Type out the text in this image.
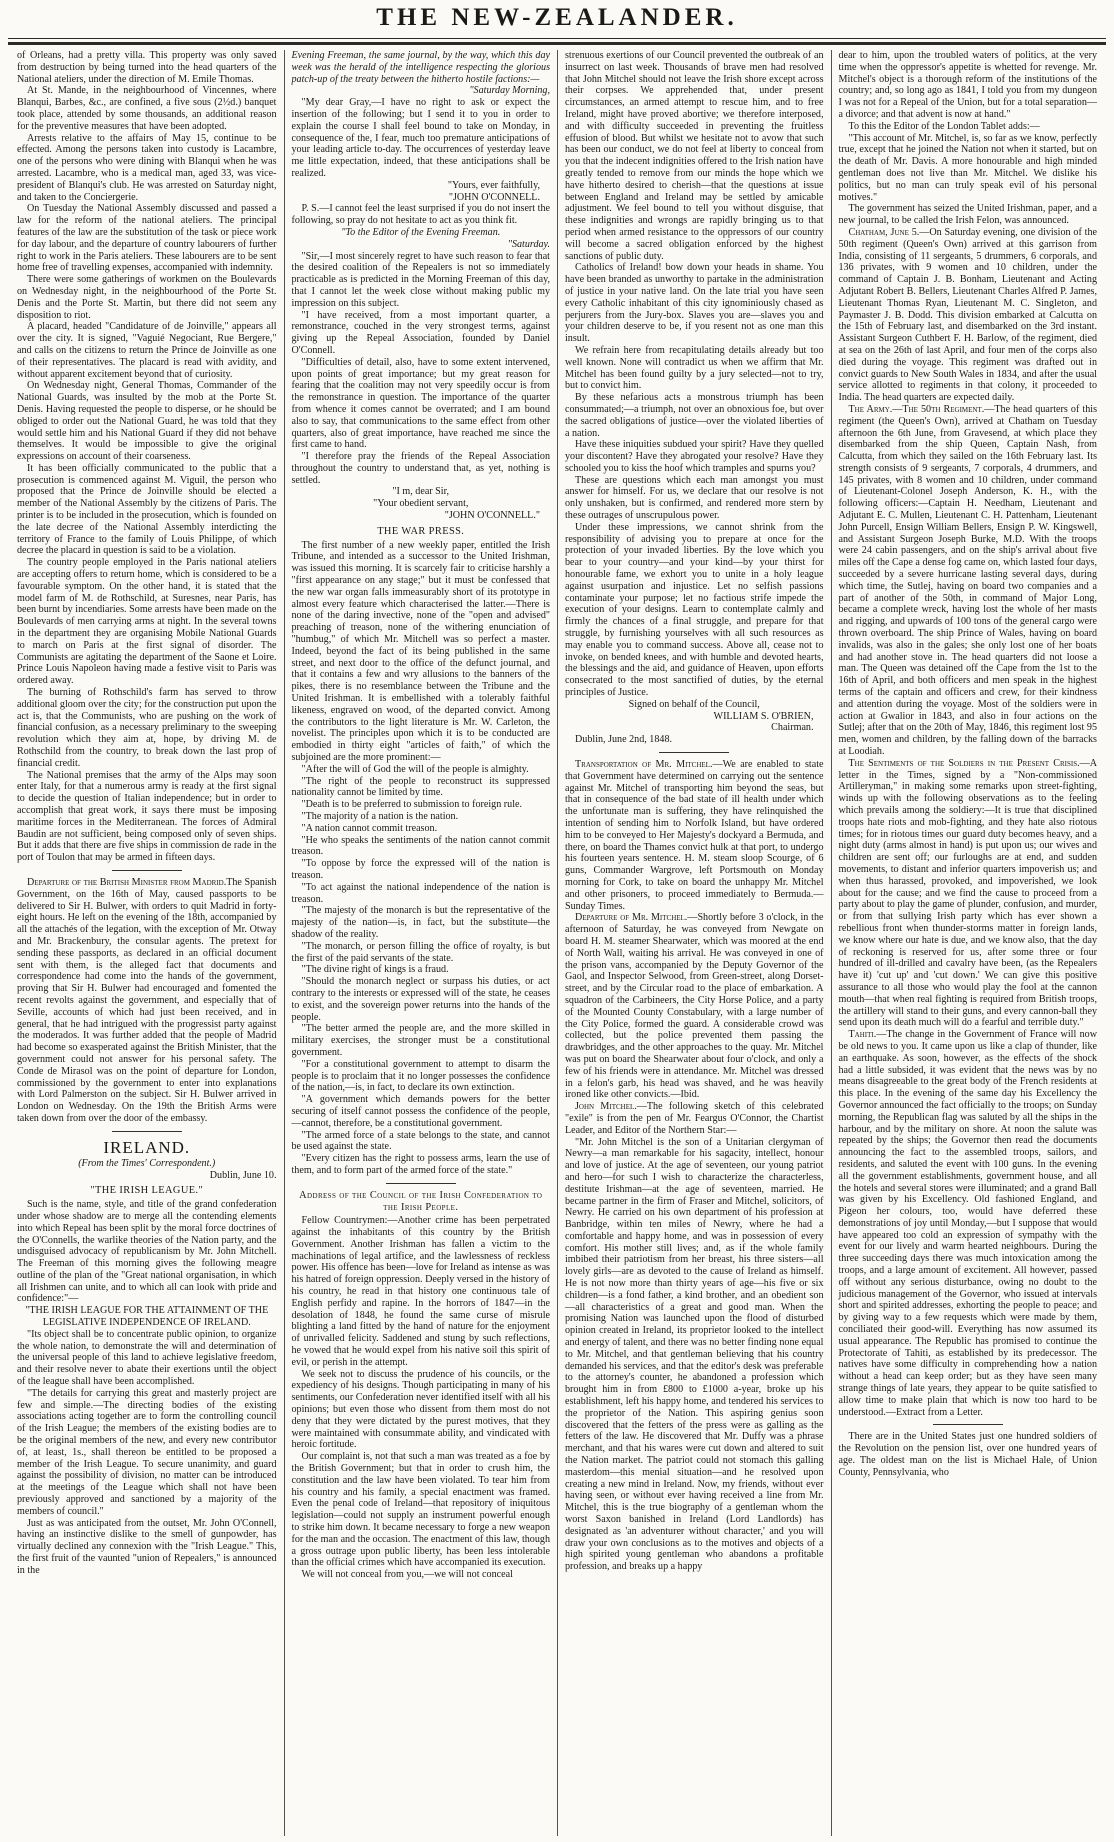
THE NEW-ZEALANDER.

of Orleans, had a pretty villa. This property was only saved from destruction by being turned into the head quarters of the National ateliers, under the direction of M. Emile Thomas.

At St. Mande, in the neighbourhood of Vincennes, where Blanqui, Barbes, &c., are confined, a five sous (2½d.) banquet took place, attended by some thousands, an additional reason for the preventive measures that have been adopted.

Arrests relative to the affairs of May 15, continue to be effected. Among the persons taken into custody is Lacambre, one of the persons who were dining with Blanqui when he was arrested. Lacambre, who is a medical man, aged 33, was vice-president of Blanqui's club. He was arrested on Saturday night, and taken to the Conciergerie.

On Tuesday the National Assembly discussed and passed a law for the reform of the national ateliers. The principal features of the law are the substitution of the task or piece work for day labour, and the departure of country labourers of further right to work in the Paris ateliers. These labourers are to be sent home free of travelling expenses, accompanied with indemnity.

There were some gatherings of workmen on the Boulevards on Wednesday night, in the neighbourhood of the Porte St. Denis and the Porte St. Martin, but there did not seem any disposition to riot.

A placard, headed "Candidature of de Joinville," appears all over the city. It is signed, "Vaguié Negociant, Rue Bergere," and calls on the citizens to return the Prince de Joinville as one of their representatives. The placard is read with avidity, and without apparent excitement beyond that of curiosity.

On Wednesday night, General Thomas, Commander of the National Guards, was insulted by the mob at the Porte St. Denis. Having requested the people to disperse, or he should be obliged to order out the National Guard, he was told that they would settle him and his National Guard if they did not behave themselves. It would be impossible to give the original expressions on account of their coarseness.

It has been officially communicated to the public that a prosecution is commenced against M. Viguil, the person who proposed that the Prince de Joinville should be elected a member of the National Assembly by the citizens of Paris. The printer is to be included in the prosecution, which is founded on the late decree of the National Assembly interdicting the territory of France to the family of Louis Philippe, of which decree the placard in question is said to be a violation.

The country people employed in the Paris national ateliers are accepting offers to return home, which is considered to be a favourable symptom. On the other hand, it is stated that the model farm of M. de Rothschild, at Suresnes, near Paris, has been burnt by incendiaries. Some arrests have been made on the Boulevards of men carrying arms at night. In the several towns in the department they are organising Mobile National Guards to march on Paris at the first signal of disorder. The Communists are agitating the department of the Saone et Loire. Prince Louis Napoleon having made a festive visit to Paris was ordered away.

The burning of Rothschild's farm has served to throw additional gloom over the city; for the construction put upon the act is, that the Communists, who are pushing on the work of financial confusion, as a necessary preliminary to the sweeping revolution which they aim at, hope, by driving M. de Rothschild from the country, to break down the last prop of financial credit.

The National premises that the army of the Alps may soon enter Italy, for that a numerous army is ready at the first signal to decide the question of Italian independence; but in order to accomplish that great work, it says there must be imposing maritime forces in the Mediterranean. The forces of Admiral Baudin are not sufficient, being composed only of seven ships. But it adds that there are five ships in commission de rade in the port of Toulon that may be armed in fifteen days.

Departure of the British Minister from Madrid.The Spanish Government, on the 16th of May, caused passports to be delivered to Sir H. Bulwer, with orders to quit Madrid in forty-eight hours. He left on the evening of the 18th, accompanied by all the attachés of the legation, with the exception of Mr. Otway and Mr. Brackenbury, the consular agents. The pretext for sending these passports, as declared in an official document sent with them, is the alleged fact that documents and correspondence had come into the hands of the government, proving that Sir H. Bulwer had encouraged and fomented the recent revolts against the government, and especially that of Seville, accounts of which had just been received, and in general, that he had intrigued with the progressist party against the moderados. It was further added that the people of Madrid had become so exasperated against the British Minister, that the government could not answer for his personal safety. The Conde de Mirasol was on the point of departure for London, commissioned by the government to enter into explanations with Lord Palmerston on the subject. Sir H. Bulwer arrived in London on Wednesday. On the 19th the British Arms were taken down from over the door of the embassy.

IRELAND.

(From the Times' Correspondent.)

Dublin, June 10.

"THE IRISH LEAGUE."

Such is the name, style, and title of the grand confederation under whose shadow are to merge all the contending elements into which Repeal has been split by the moral force doctrines of the O'Connells, the warlike theories of the Nation party, and the undisguised advocacy of republicanism by Mr. John Mitchell. The Freeman of this morning gives the following meagre outline of the plan of the "Great national organisation, in which all Irishmen can unite, and to which all can look with pride and confidence:"—

"THE IRISH LEAGUE FOR THE ATTAINMENT OF THE LEGISLATIVE INDEPENDENCE OF IRELAND.

"Its object shall be to concentrate public opinion, to organize the whole nation, to demonstrate the will and determination of the universal people of this land to achieve legislative freedom, and their resolve never to abate their exertions until the object of the league shall have been accomplished.

"The details for carrying this great and masterly project are few and simple.—The directing bodies of the existing associations acting together are to form the controlling council of the Irish League; the members of the existing bodies are to be the original members of the new, and every new contributor of, at least, 1s., shall thereon be entitled to be proposed a member of the Irish League. To secure unanimity, and guard against the possibility of division, no matter can be introduced at the meetings of the League which shall not have been previously approved and sanctioned by a majority of the members of council."

Just as was anticipated from the outset, Mr. John O'Connell, having an instinctive dislike to the smell of gunpowder, has virtually declined any connexion with the "Irish League." This, the first fruit of the vaunted "union of Repealers," is announced in the

Evening Freeman, the same journal, by the way, which this day week was the herald of the intelligence respecting the glorious patch-up of the treaty between the hitherto hostile factions:—

"Saturday Morning,

"My dear Gray,—I have no right to ask or expect the insertion of the following; but I send it to you in order to explain the course I shall feel bound to take on Monday, in consequence of the, I fear, much too premature anticipations of your leading article to-day. The occurrences of yesterday leave me little expectation, indeed, that these anticipations shall be realized.

"Yours, ever faithfully,

"JOHN O'CONNELL.

P. S.—I cannot feel the least surprised if you do not insert the following, so pray do not hesitate to act as you think fit.

"To the Editor of the Evening Freeman.

"Saturday.

"Sir,—I most sincerely regret to have such reason to fear that the desired coalition of the Repealers is not so immediately practicable as is predicted in the Morning Freeman of this day, that I cannot let the week close without making public my impression on this subject.

"I have received, from a most important quarter, a remonstrance, couched in the very strongest terms, against giving up the Repeal Association, founded by Daniel O'Connell.

"Difficulties of detail, also, have to some extent intervened, upon points of great importance; but my great reason for fearing that the coalition may not very speedily occur is from the remonstrance in question. The importance of the quarter from whence it comes cannot be overrated; and I am bound also to say, that communications to the same effect from other quarters, also of great importance, have reached me since the first came to hand.

"I therefore pray the friends of the Repeal Association throughout the country to understand that, as yet, nothing is settled.

"I m, dear Sir,

"Your obedient servant,

"JOHN O'CONNELL."

THE WAR PRESS.

The first number of a new weekly paper, entitled the Irish Tribune, and intended as a successor to the United Irishman, was issued this morning. It is scarcely fair to criticise harshly a "first appearance on any stage;" but it must be confessed that the new war organ falls immeasurably short of its prototype in almost every feature which characterised the latter.—There is none of the daring invective, none of the "open and advised" preaching of treason, none of the withering enunciation of "humbug," of which Mr. Mitchell was so perfect a master. Indeed, beyond the fact of its being published in the same street, and next door to the office of the defunct journal, and that it contains a few and wry allusions to the banners of the pikes, there is no resemblance between the Tribune and the United Irishman. It is embellished with a tolerably faithful likeness, engraved on wood, of the departed convict. Among the contributors to the light literature is Mr. W. Carleton, the novelist. The principles upon which it is to be conducted are embodied in thirty eight "articles of faith," of which the subjoined are the more prominent:—

"After the will of God the will of the people is almighty.

"The right of the people to reconstruct its suppressed nationality cannot be limited by time.

"Death is to be preferred to submission to foreign rule.

"The majority of a nation is the nation.

"A nation cannot commit treason.

"He who speaks the sentiments of the nation cannot commit treason.

"To oppose by force the expressed will of the nation is treason.

"To act against the national independence of the nation is treason.

"The majesty of the monarch is but the representative of the majesty of the nation—is, in fact, but the substitute—the shadow of the reality.

"The monarch, or person filling the office of royalty, is but the first of the paid servants of the state.

"The divine right of kings is a fraud.

"Should the monarch neglect or surpass his duties, or act contrary to the interests or expressed will of the state, he ceases to exist, and the sovereign power returns into the hands of the people.

"The better armed the people are, and the more skilled in military exercises, the stronger must be a constitutional government.

"For a constitutional government to attempt to disarm the people is to proclaim that it no longer possesses the confidence of the nation,—is, in fact, to declare its own extinction.

"A government which demands powers for the better securing of itself cannot possess the confidence of the people,—cannot, therefore, be a constitutional government.

"The armed force of a state belongs to the state, and cannot be used against the state.

"Every citizen has the right to possess arms, learn the use of them, and to form part of the armed force of the state."

Address of the Council of the Irish Confederation to the Irish People.

Fellow Countrymen:—Another crime has been perpetrated against the inhabitants of this country by the British Government. Another Irishman has fallen a victim to the machinations of legal artifice, and the lawlessness of reckless power. His offence has been—love for Ireland as intense as was his hatred of foreign oppression. Deeply versed in the history of his country, he read in that history one continuous tale of English perfidy and rapine. In the horrors of 1847—in the desolation of 1848, he found the same curse of misrule blighting a land fitted by the hand of nature for the enjoyment of unrivalled felicity. Saddened and stung by such reflections, he vowed that he would expel from his native soil this spirit of evil, or perish in the attempt.

We seek not to discuss the prudence of his councils, or the expediency of his designs. Though participating in many of his sentiments, our Confederation never identified itself with all his opinions; but even those who dissent from them most do not deny that they were dictated by the purest motives, that they were maintained with consummate ability, and vindicated with heroic fortitude.

Our complaint is, not that such a man was treated as a foe by the British Government; but that in order to crush him, the constitution and the law have been violated. To tear him from his country and his family, a special enactment was framed. Even the penal code of Ireland—that repository of iniquitous legislation—could not supply an instrument powerful enough to strike him down. It became necessary to forge a new weapon for the man and the occasion. The enactment of this law, though a gross outrage upon public liberty, has been less intolerable than the official crimes which have accompanied its execution.

We will not conceal from you,—we will not conceal

strenuous exertions of our Council prevented the outbreak of an insurrect on last week. Thousands of brave men had resolved that John Mitchel should not leave the Irish shore except across their corpses. We apprehended that, under present circumstances, an armed attempt to rescue him, and to free Ireland, might have proved abortive; we therefore interposed, and with difficulty succeeded in preventing the fruitless effusion of blood. But whilst we hesitate not to avow that such has been our conduct, we do not feel at liberty to conceal from you that the indecent indignities offered to the Irish nation have greatly tended to remove from our minds the hope which we have hitherto desired to cherish—that the questions at issue between England and Ireland may be settled by amicable adjustment. We feel bound to tell you without disguise, that these indignities and wrongs are rapidly bringing us to that period when armed resistance to the oppressors of our country will become a sacred obligation enforced by the highest sanctions of public duty.

Catholics of Ireland! bow down your heads in shame. You have been branded as unworthy to partake in the administration of justice in your native land. On the late trial you have seen every Catholic inhabitant of this city ignominiously chased as perjurers from the Jury-box. Slaves you are—slaves you and your children deserve to be, if you resent not as one man this insult.

We refrain here from recapitulating details already but too well known. None will contradict us when we affirm that Mr. Mitchel has been found guilty by a jury selected—not to try, but to convict him.

By these nefarious acts a monstrous triumph has been consummated;—a triumph, not over an obnoxious foe, but over the sacred obligations of justice—over the violated liberties of a nation.

Have these iniquities subdued your spirit? Have they quelled your discontent? Have they abrogated your resolve? Have they schooled you to kiss the hoof which tramples and spurns you?

These are questions which each man amongst you must answer for himself. For us, we declare that our resolve is not only unshaken, but is confirmed, and rendered more stern by these outrages of unscrupulous power.

Under these impressions, we cannot shrink from the responsibility of advising you to prepare at once for the protection of your invaded liberties. By the love which you bear to your country—and your kind—by your thirst for honourable fame, we exhort you to unite in a holy league against usurpation and injustice. Let no selfish passions contaminate your purpose; let no factious strife impede the execution of your designs. Learn to contemplate calmly and firmly the chances of a final struggle, and prepare for that struggle, by furnishing yourselves with all such resources as may enable you to command success. Above all, cease not to invoke, on bended knees, and with humble and devoted hearts, the blessings and the aid, and guidance of Heaven, upon efforts consecrated to the most sanctified of duties, by the eternal principles of Justice.

Signed on behalf of the Council,

WILLIAM S. O'BRIEN,

Chairman.

Dublin, June 2nd, 1848.

Transportation of Mr. Mitchel.—We are enabled to state that Government have determined on carrying out the sentence against Mr. Mitchel of transporting him beyond the seas, but that in consequence of the bad state of ill health under which the unfortunate man is suffering, they have relinquished the intention of sending him to Norfolk Island, but have ordered him to be conveyed to Her Majesty's dockyard a Bermuda, and there, on board the Thames convict hulk at that port, to undergo his fourteen years sentence. H. M. steam sloop Scourge, of 6 guns, Commander Wargrove, left Portsmouth on Monday morning for Cork, to take on board the unhappy Mr. Mitchel and other prisoners, to proceed immediately to Bermuda.—Sunday Times.

Departure of Mr. Mitchel.—Shortly before 3 o'clock, in the afternoon of Saturday, he was conveyed from Newgate on board H. M. steamer Shearwater, which was moored at the end of North Wall, waiting his arrival. He was conveyed in one of the prison vans, accompanied by the Deputy Governor of the Gaol, and Inspector Selwood, from Green-street, along Dorset-street, and by the Circular road to the place of embarkation. A squadron of the Carbineers, the City Horse Police, and a party of the Mounted County Constabulary, with a large number of the City Police, formed the guard. A considerable crowd was collected, but the police prevented them passing the drawbridges, and the other approaches to the quay. Mr. Mitchel was put on board the Shearwater about four o'clock, and only a few of his friends were in attendance. Mr. Mitchel was dressed in a felon's garb, his head was shaved, and he was heavily ironed like other convicts.—Ibid.

John Mitchel.—The following sketch of this celebrated "exile" is from the pen of Mr. Feargus O'Connor, the Chartist Leader, and Editor of the Northern Star:—

"Mr. John Mitchel is the son of a Unitarian clergyman of Newry—a man remarkable for his sagacity, intellect, honour and love of justice. At the age of seventeen, our young patriot and hero—for such I wish to characterize the characterless, destitute Irishman—at the age of seventeen, married. He became partner in the firm of Fraser and Mitchel, solicitors, of Newry. He carried on his own department of his profession at Banbridge, within ten miles of Newry, where he had a comfortable and happy home, and was in possession of every comfort. His mother still lives; and, as if the whole family imbibed their patriotism from her breast, his three sisters—all lovely girls—are as devoted to the cause of Ireland as himself. He is not now more than thirty years of age—his five or six children—is a fond father, a kind brother, and an obedient son—all characteristics of a great and good man. When the promising Nation was launched upon the flood of disturbed opinion created in Ireland, its proprietor looked to the intellect and energy of talent, and there was no better finding none equal to Mr. Mitchel, and that gentleman believing that his country demanded his services, and that the editor's desk was preferable to the attorney's counter, he abandoned a profession which brought him in from £800 to £1000 a-year, broke up his establishment, left his happy home, and tendered his services to the proprietor of the Nation. This aspiring genius soon discovered that the fetters of the press were as galling as the fetters of the law. He discovered that Mr. Duffy was a phrase merchant, and that his wares were cut down and altered to suit the Nation market. The patriot could not stomach this galling masterdom—this menial situation—and he resolved upon creating a new mind in Ireland. Now, my friends, without ever having seen, or without ever having received a line from Mr. Mitchel, this is the true biography of a gentleman whom the worst Saxon banished in Ireland (Lord Landlords) has designated as 'an adventurer without character,' and you will draw your own conclusions as to the motives and objects of a high spirited young gentleman who abandons a profitable profession, and breaks up a happy

dear to him, upon the troubled waters of politics, at the very time when the oppressor's appetite is whetted for revenge. Mr. Mitchel's object is a thorough reform of the institutions of the country; and, so long ago as 1841, I told you from my dungeon I was not for a Repeal of the Union, but for a total separation—a divorce; and that advent is now at hand."

To this the Editor of the London Tablet adds:—

"This account of Mr. Mitchel, is, so far as we know, perfectly true, except that he joined the Nation not when it started, but on the death of Mr. Davis. A more honourable and high minded gentleman does not live than Mr. Mitchel. We dislike his politics, but no man can truly speak evil of his personal motives."

The government has seized the United Irishman, paper, and a new journal, to be called the Irish Felon, was announced.

Chatham, June 5.—On Saturday evening, one division of the 50th regiment (Queen's Own) arrived at this garrison from India, consisting of 11 sergeants, 5 drummers, 6 corporals, and 136 privates, with 9 women and 10 children, under the command of Captain J. B. Bonham, Lieutenant and Acting Adjutant Robert B. Bellers, Lieutenant Charles Alfred P. James, Lieutenant Thomas Ryan, Lieutenant M. C. Singleton, and Paymaster J. B. Dodd. This division embarked at Calcutta on the 15th of February last, and disembarked on the 3rd instant. Assistant Surgeon Cuthbert F. H. Barlow, of the regiment, died at sea on the 26th of last April, and four men of the corps also died during the voyage. This regiment was drafted out in convict guards to New South Wales in 1834, and after the usual service allotted to regiments in that colony, it proceeded to India. The head quarters are expected daily.

The Army.—The 50th Regiment.—The head quarters of this regiment (the Queen's Own), arrived at Chatham on Tuesday afternoon the 6th June, from Gravesend, at which place they disembarked from the ship Queen, Captain Nash, from Calcutta, from which they sailed on the 16th February last. Its strength consists of 9 sergeants, 7 corporals, 4 drummers, and 145 privates, with 8 women and 10 children, under command of Lieutenant-Colonel Joseph Anderson, K. H., with the following officers:—Captain H. Needham, Lieutenant and Adjutant E. C. Mullen, Lieutenant C. H. Pattenham, Lieutenant John Purcell, Ensign William Bellers, Ensign P. W. Kingswell, and Assistant Surgeon Joseph Burke, M.D. With the troops were 24 cabin passengers, and on the ship's arrival about five miles off the Cape a dense fog came on, which lasted four days, succeeded by a severe hurricane lasting several days, during which time, the Sutlej, having on board two companies and a part of another of the 50th, in command of Major Long, became a complete wreck, having lost the whole of her masts and rigging, and upwards of 100 tons of the general cargo were thrown overboard. The ship Prince of Wales, having on board invalids, was also in the gales; she only lost one of her boats and had another stove in. The head quarters did not loose a man. The Queen was detained off the Cape from the 1st to the 16th of April, and both officers and men speak in the highest terms of the captain and officers and crew, for their kindness and attention during the voyage. Most of the soldiers were in action at Gwalior in 1843, and also in four actions on the Sutlej; after that on the 20th of May, 1846, this regiment lost 95 men, women and children, by the falling down of the barracks at Loodiah.

The Sentiments of the Soldiers in the Present Crisis.—A letter in the Times, signed by a "Non-commissioned Artilleryman," in making some remarks upon street-fighting, winds up with the following observations as to the feeling which prevails among the soldiery:—It is true that disciplined troops hate riots and mob-fighting, and they hate also riotous times; for in riotous times our guard duty becomes heavy, and a night duty (arms almost in hand) is put upon us; our wives and children are sent off; our furloughs are at end, and sudden movements, to distant and inferior quarters impoverish us; and when thus harassed, provoked, and impoverished, we look about for the cause; and we find the cause to proceed from a party about to play the game of plunder, confusion, and murder, or from that sullying Irish party which has ever shown a rebellious front when thunder-storms matter in foreign lands, we know where our hate is due, and we know also, that the day of reckoning is reserved for us, after some three or four hundred of ill-drilled and cavalry have been, (as the Repealers have it) 'cut up' and 'cut down.' We can give this positive assurance to all those who would play the fool at the cannon mouth—that when real fighting is required from British troops, the artillery will stand to their guns, and every cannon-ball they send upon its death much will do a fearful and terrible duty."

Tahiti.—The change in the Government of France will now be old news to you. It came upon us like a clap of thunder, like an earthquake. As soon, however, as the effects of the shock had a little subsided, it was evident that the news was by no means disagreeable to the great body of the French residents at this place. In the evening of the same day his Excellency the Governor announced the fact officially to the troops; on Sunday morning, the Republican flag was saluted by all the ships in the harbour, and by the military on shore. At noon the salute was repeated by the ships; the Governor then read the documents announcing the fact to the assembled troops, sailors, and residents, and saluted the event with 100 guns. In the evening all the government establishments, government house, and all the hotels and several stores were illuminated; and a grand Ball was given by his Excellency. Old fashioned England, and Pigeon her colours, too, would have deferred these demonstrations of joy until Monday,—but I suppose that would have appeared too cold an expression of sympathy with the event for our lively and warm hearted neighbours. During the three succeeding days there was much intoxication among the troops, and a large amount of excitement. All however, passed off without any serious disturbance, owing no doubt to the judicious management of the Governor, who issued at intervals short and spirited addresses, exhorting the people to peace; and by giving way to a few requests which were made by them, conciliated their good-will. Everything has now assumed its usual appearance. The Republic has promised to continue the Protectorate of Tahiti, as established by its predecessor. The natives have some difficulty in comprehending how a nation without a head can keep order; but as they have seen many strange things of late years, they appear to be quite satisfied to allow time to make plain that which is now too hard to be understood.—Extract from a Letter.

There are in the United States just one hundred soldiers of the Revolution on the pension list, over one hundred years of age. The oldest man on the list is Michael Hale, of Union County, Pennsylvania, who
